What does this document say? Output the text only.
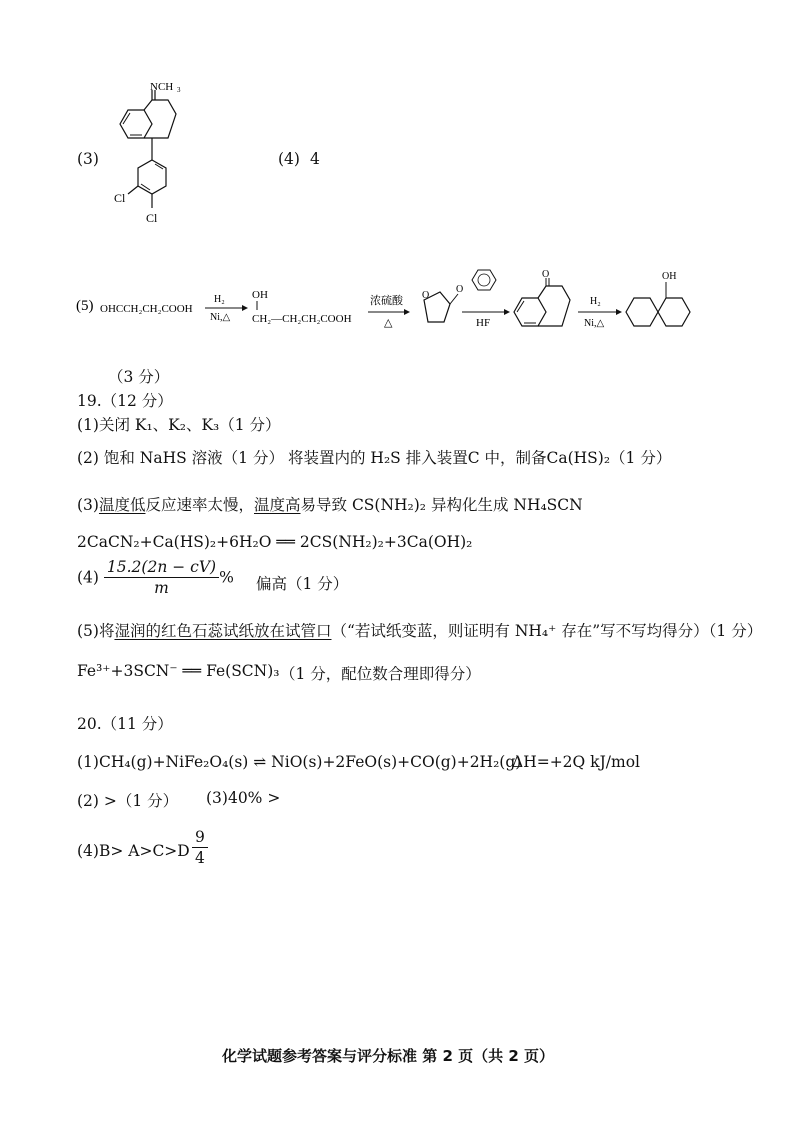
(3)
NCH 3
Cl
Cl
(4) 4
(5) OHCCH₂CH₂COOH
H₂
Ni,△
OH
CH₂—CH₂CH₂COOH
浓硫酸
△
O
O
HF
O
H₂
Ni,△
OH
（3 分）
19.（12 分）
(1)关闭 K₁、K₂、K₃（1 分）
(2) 饱和 NaHS 溶液（1 分） 将装置内的 H₂S 排入装置C 中，制备Ca(HS)₂（1 分）
(3)温度低反应速率太慢，温度高易导致 CS(NH₂)₂ 异构化生成 NH₄SCN
2CaCN₂+Ca(HS)₂+6H₂O ══ 2CS(NH₂)₂+3Ca(OH)₂
$(4) \frac{15.2(2n - cV)}{m}$ % 偏高（1 分）
(5)将湿润的红色石蕊试纸放在试管口（“若试纸变蓝，则证明有 NH₄⁺ 存在”写不写均得分）（1 分）
Fe³⁺+3SCN⁻ ══ Fe(SCN)₃ （1 分，配位数合理即得分）
20.（11 分）
(1)CH₄(g)+NiFe₂O₄(s) ⇌ NiO(s)+2FeO(s)+CO(g)+2H₂(g)
ΔH=+2Q kJ/mol
(2) >（1 分） (3)40% >
$(4)B> A>C>D \frac{9}{4}$
化学试题参考答案与评分标准 第 2 页（共 2 页）
